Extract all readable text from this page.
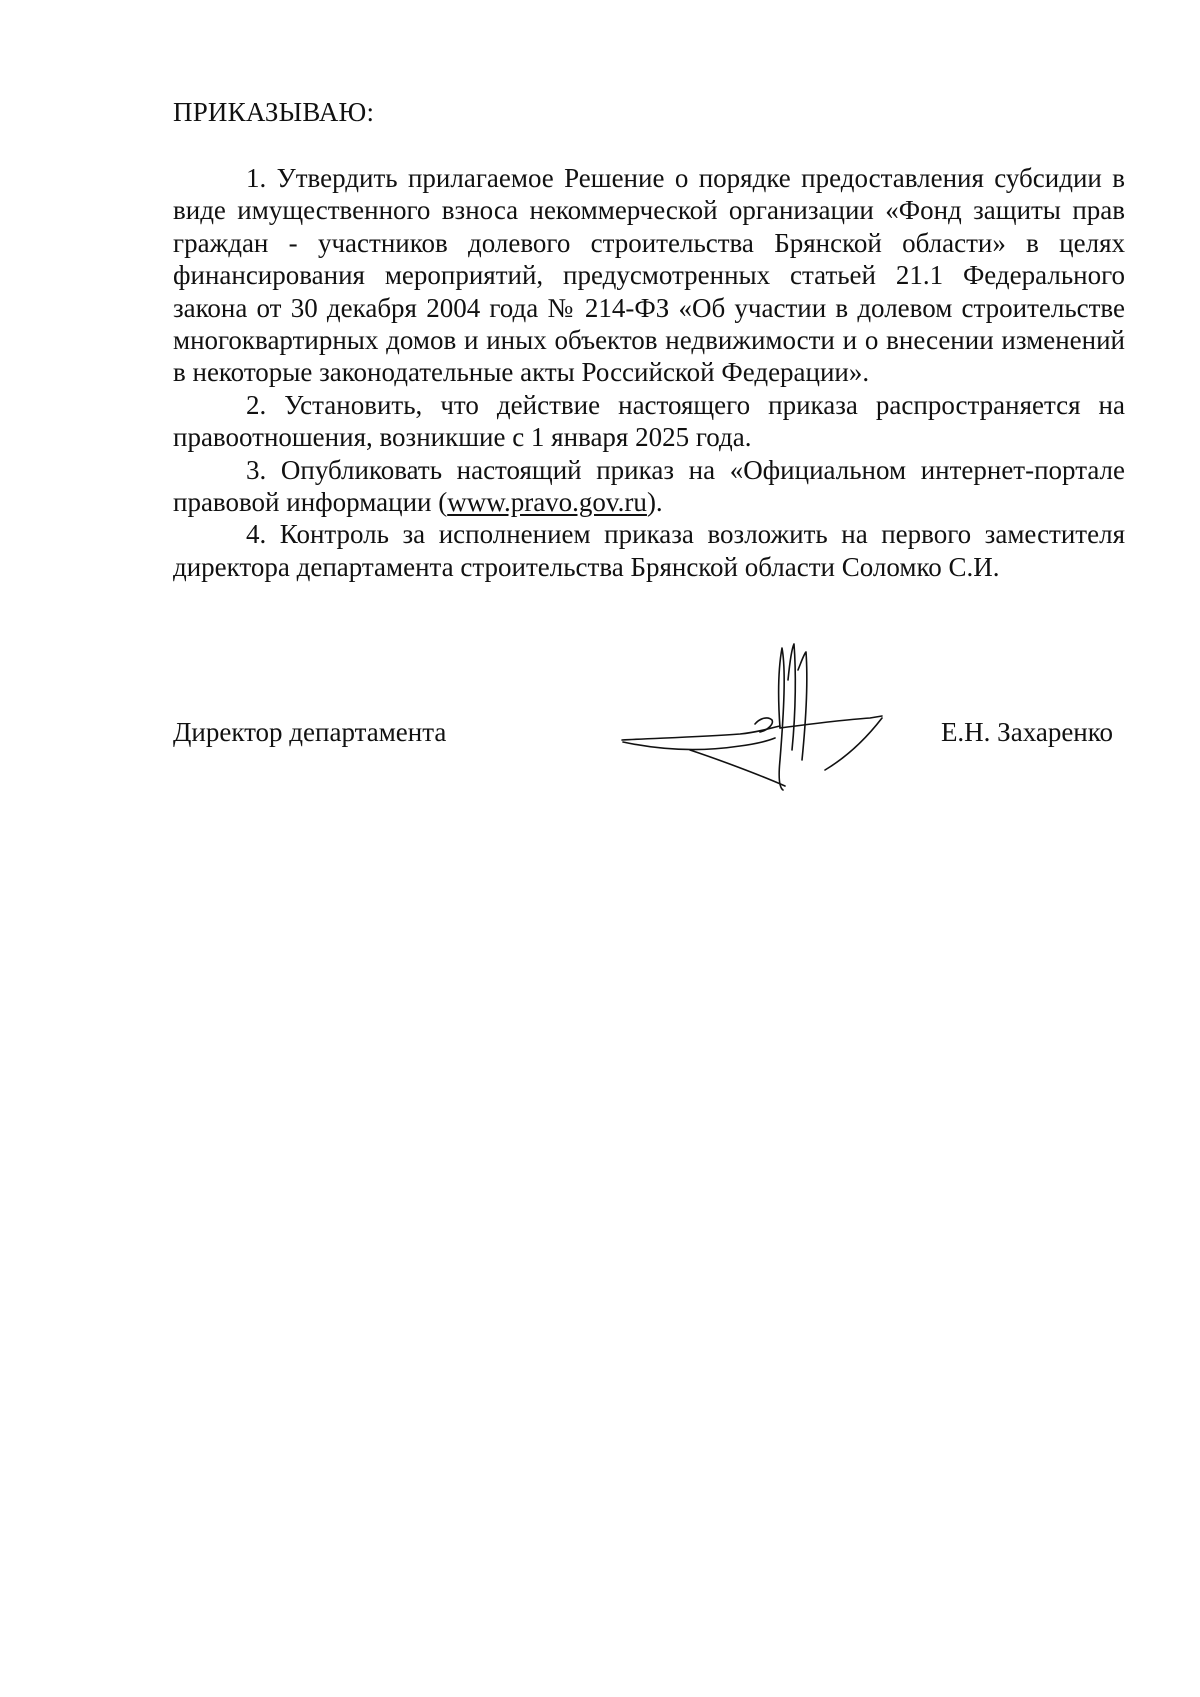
ПРИКАЗЫВАЮ:

1. Утвердить прилагаемое Решение о порядке предоставления субсидии в виде имущественного взноса некоммерческой организации «Фонд защиты прав граждан - участников долевого строительства Брянской области» в целях финансирования мероприятий, предусмотренных статьей 21.1 Федерального закона от 30 декабря 2004 года № 214-ФЗ «Об участии в долевом строительстве многоквартирных домов и иных объектов недвижимости и о внесении изменений в некоторые законодательные акты Российской Федерации».

2. Установить, что действие настоящего приказа распространяется на правоотношения, возникшие с 1 января 2025 года.

3. Опубликовать настоящий приказ на «Официальном интернет-портале правовой информации (www.pravo.gov.ru).

4. Контроль за исполнением приказа возложить на первого заместителя директора департамента строительства Брянской области Соломко С.И.

Директор департамента	Е.Н. Захаренко
